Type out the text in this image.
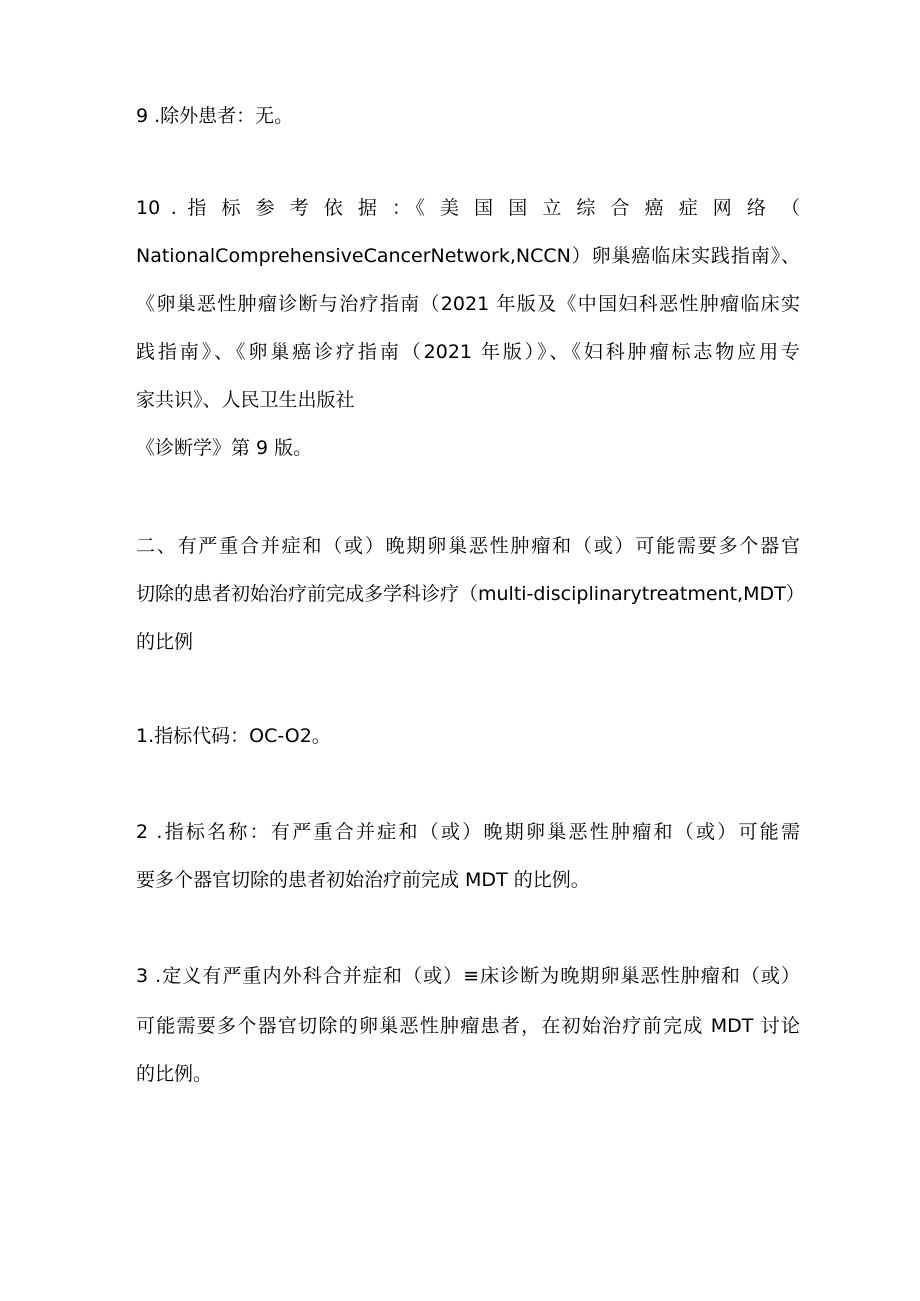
9 .除外患者：无。
10 . 指 标 参 考 依 据 ：《 美 国 国 立 综 合 癌 症 网 络 （
NationalComprehensiveCancerNetwork,NCCN）卵巢癌临床实践指南》、
《卵巢恶性肿瘤诊断与治疗指南（2021 年版及《中国妇科恶性肿瘤临床实
践指南》、《卵巢癌诊疗指南（2021 年版）》、《妇科肿瘤标志物应用专
家共识》、人民卫生出版社
《诊断学》第 9 版。
二、有严重合并症和（或）晚期卵巢恶性肿瘤和（或）可能需要多个器官
切除的患者初始治疗前完成多学科诊疗（multi-disciplinarytreatment,MDT）
的比例
1.指标代码：OC-O2。
2 .指标名称：有严重合并症和（或）晚期卵巢恶性肿瘤和（或）可能需
要多个器官切除的患者初始治疗前完成 MDT 的比例。
3 .定义有严重内外科合并症和（或）≡床诊断为晚期卵巢恶性肿瘤和（或）
可能需要多个器官切除的卵巢恶性肿瘤患者，在初始治疗前完成 MDT 讨论
的比例。
